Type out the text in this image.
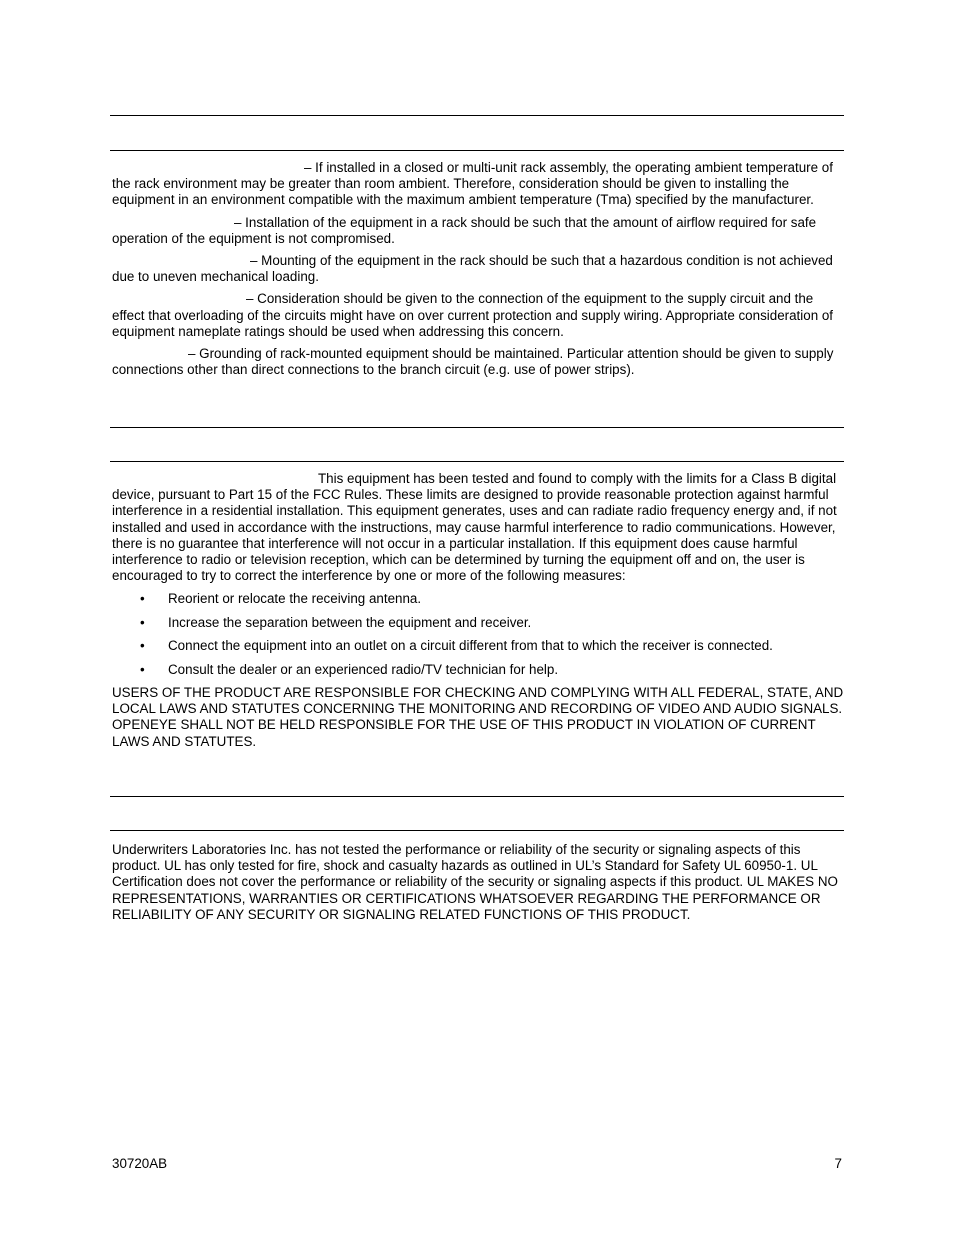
– If installed in a closed or multi-unit rack assembly, the operating ambient temperature of the rack environment may be greater than room ambient. Therefore, consideration should be given to installing the equipment in an environment compatible with the maximum ambient temperature (Tma) specified by the manufacturer.

– Installation of the equipment in a rack should be such that the amount of airflow required for safe operation of the equipment is not compromised.

– Mounting of the equipment in the rack should be such that a hazardous condition is not achieved due to uneven mechanical loading.

– Consideration should be given to the connection of the equipment to the supply circuit and the effect that overloading of the circuits might have on over current protection and supply wiring. Appropriate consideration of equipment nameplate ratings should be used when addressing this concern.

– Grounding of rack-mounted equipment should be maintained. Particular attention should be given to supply connections other than direct connections to the branch circuit (e.g. use of power strips).

This equipment has been tested and found to comply with the limits for a Class B digital device, pursuant to Part 15 of the FCC Rules. These limits are designed to provide reasonable protection against harmful interference in a residential installation. This equipment generates, uses and can radiate radio frequency energy and, if not installed and used in accordance with the instructions, may cause harmful interference to radio communications. However, there is no guarantee that interference will not occur in a particular installation. If this equipment does cause harmful interference to radio or television reception, which can be determined by turning the equipment off and on, the user is encouraged to try to correct the interference by one or more of the following measures:

• Reorient or relocate the receiving antenna.
• Increase the separation between the equipment and receiver.
• Connect the equipment into an outlet on a circuit different from that to which the receiver is connected.
• Consult the dealer or an experienced radio/TV technician for help.

USERS OF THE PRODUCT ARE RESPONSIBLE FOR CHECKING AND COMPLYING WITH ALL FEDERAL, STATE, AND LOCAL LAWS AND STATUTES CONCERNING THE MONITORING AND RECORDING OF VIDEO AND AUDIO SIGNALS. OPENEYE SHALL NOT BE HELD RESPONSIBLE FOR THE USE OF THIS PRODUCT IN VIOLATION OF CURRENT LAWS AND STATUTES.

Underwriters Laboratories Inc. has not tested the performance or reliability of the security or signaling aspects of this product. UL has only tested for fire, shock and casualty hazards as outlined in UL’s Standard for Safety UL 60950-1. UL Certification does not cover the performance or reliability of the security or signaling aspects if this product. UL MAKES NO REPRESENTATIONS, WARRANTIES OR CERTIFICATIONS WHATSOEVER REGARDING THE PERFORMANCE OR RELIABILITY OF ANY SECURITY OR SIGNALING RELATED FUNCTIONS OF THIS PRODUCT.

30720AB	7
